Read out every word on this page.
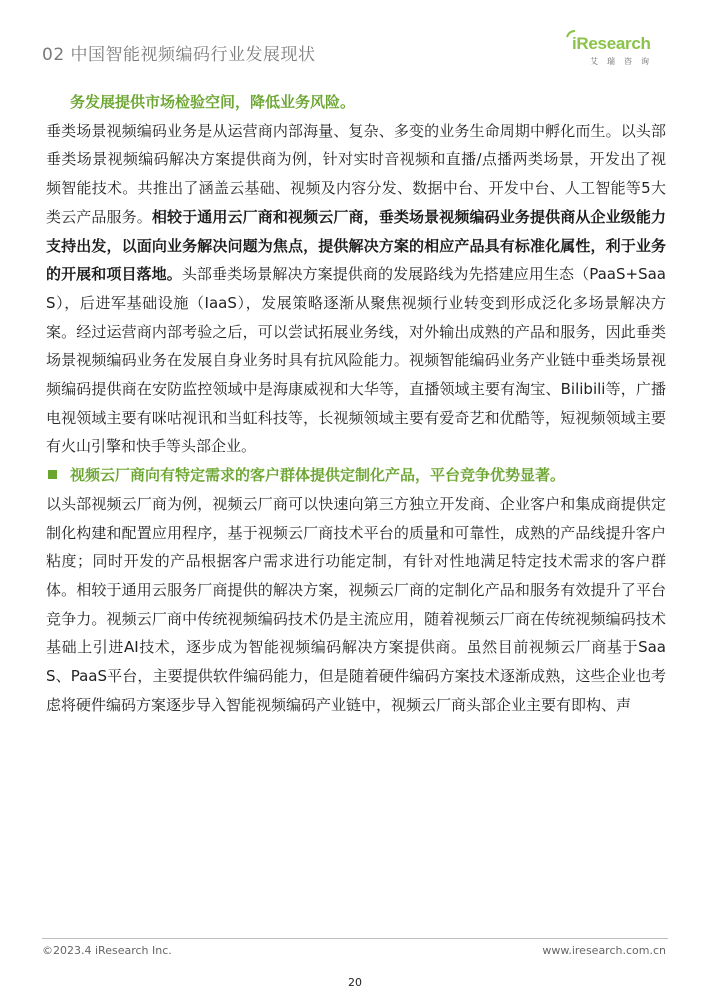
02 中国智能视频编码行业发展现状
iResearch
艾瑞咨询

务发展提供市场检验空间，降低业务风险。

垂类场景视频编码业务是从运营商内部海量、复杂、多变的业务生命周期中孵化而生。以头部垂类场景视频编码解决方案提供商为例，针对实时音视频和直播/点播两类场景，开发出了视频智能技术。共推出了涵盖云基础、视频及内容分发、数据中台、开发中台、人工智能等5大类云产品服务。相较于通用云厂商和视频云厂商，垂类场景视频编码业务提供商从企业级能力支持出发，以面向业务解决问题为焦点，提供解决方案的相应产品具有标准化属性，利于业务的开展和项目落地。头部垂类场景解决方案提供商的发展路线为先搭建应用生态（PaaS+SaaS），后进军基础设施（IaaS），发展策略逐渐从聚焦视频行业转变到形成泛化多场景解决方案。经过运营商内部考验之后，可以尝试拓展业务线，对外输出成熟的产品和服务，因此垂类场景视频编码业务在发展自身业务时具有抗风险能力。视频智能编码业务产业链中垂类场景视频编码提供商在安防监控领域中是海康威视和大华等，直播领域主要有淘宝、Bilibili等，广播电视领域主要有咪咕视讯和当虹科技等，长视频领域主要有爱奇艺和优酷等，短视频领域主要有火山引擎和快手等头部企业。

视频云厂商向有特定需求的客户群体提供定制化产品，平台竞争优势显著。

以头部视频云厂商为例，视频云厂商可以快速向第三方独立开发商、企业客户和集成商提供定制化构建和配置应用程序，基于视频云厂商技术平台的质量和可靠性，成熟的产品线提升客户粘度；同时开发的产品根据客户需求进行功能定制，有针对性地满足特定技术需求的客户群体。相较于通用云服务厂商提供的解决方案，视频云厂商的定制化产品和服务有效提升了平台竞争力。视频云厂商中传统视频编码技术仍是主流应用，随着视频云厂商在传统视频编码技术基础上引进AI技术，逐步成为智能视频编码解决方案提供商。虽然目前视频云厂商基于SaaS、PaaS平台，主要提供软件编码能力，但是随着硬件编码方案技术逐渐成熟，这些企业也考虑将硬件编码方案逐步导入智能视频编码产业链中，视频云厂商头部企业主要有即构、声

©2023.4 iResearch Inc.	www.iresearch.com.cn
20
